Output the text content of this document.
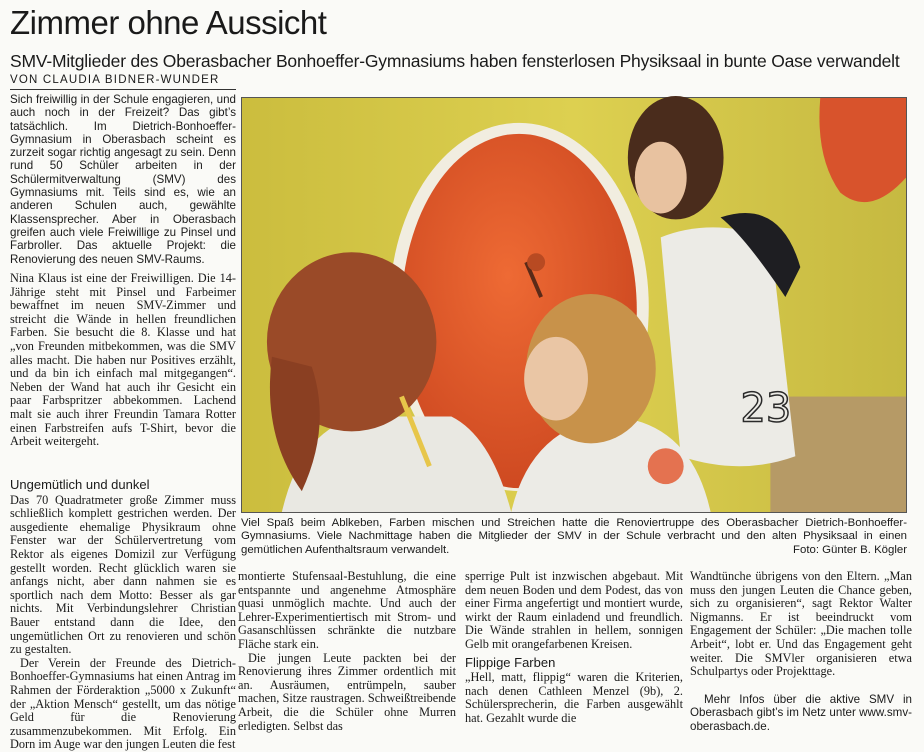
Zimmer ohne Aussicht
SMV-Mitglieder des Oberasbacher Bonhoeffer-Gymnasiums haben fensterlosen Physiksaal in bunte Oase verwandelt
VON CLAUDIA BIDNER-WUNDER
Sich freiwillig in der Schule engagieren, und auch noch in der Freizeit? Das gibt’s tatsächlich. Im Dietrich-Bonhoeffer-Gymnasium in Oberasbach scheint es zurzeit sogar richtig angesagt zu sein. Denn rund 50 Schüler arbeiten in der Schülermitverwaltung (SMV) des Gymnasiums mit. Teils sind es, wie an anderen Schulen auch, gewählte Klassensprecher. Aber in Oberasbach greifen auch viele Freiwillige zu Pinsel und Farbroller. Das aktuelle Projekt: die Renovierung des neuen SMV-Raums.

Nina Klaus ist eine der Freiwilligen. Die 14-Jährige steht mit Pinsel und Farbeimer bewaffnet im neuen SMV-Zimmer und streicht die Wände in hellen freundlichen Farben. Sie besucht die 8. Klasse und hat „von Freunden mitbekommen, was die SMV alles macht. Die haben nur Positives erzählt, und da bin ich einfach mal mitgegangen“. Neben der Wand hat auch ihr Gesicht ein paar Farbspritzer abbekommen. Lachend malt sie auch ihrer Freundin Tamara Rotter einen Farbstreifen aufs T-Shirt, bevor die Arbeit weitergeht.

Ungemütlich und dunkel

Das 70 Quadratmeter große Zimmer muss schließlich komplett gestrichen werden. Der ausgediente ehemalige Physikraum ohne Fenster war der Schülervertretung vom Rektor als eigenes Domizil zur Verfügung gestellt worden. Recht glücklich waren sie anfangs nicht, aber dann nahmen sie es sportlich nach dem Motto: Besser als gar nichts. Mit Verbindungslehrer Christian Bauer entstand dann die Idee, den ungemütlichen Ort zu renovieren und schön zu gestalten.

Der Verein der Freunde des Dietrich-Bonhoeffer-Gymnasiums hat einen Antrag im Rahmen der Förderaktion „5000 x Zukunft“ der „Aktion Mensch“ gestellt, um das nötige Geld für die Renovierung zusammenzubekommen. Mit Erfolg. Ein Dorn im Auge war den jungen Leuten die fest

23
Viel Spaß beim Ablkeben, Farben mischen und Streichen hatte die Renoviertruppe des Oberasbacher Dietrich-Bonhoeffer-Gymnasiums. Viele Nachmittage haben die Mitglieder der SMV in der Schule verbracht und den alten Physiksaal in einen gemütlichen Aufenthaltsraum verwandelt.	Foto: Günter B. Kögler

montierte Stufensaal-Bestuhlung, die eine entspannte und angenehme Atmosphäre quasi unmöglich machte. Und auch der Lehrer-Experimentiertisch mit Strom- und Gasanschlüssen schränkte die nutzbare Fläche stark ein.

Die jungen Leute packten bei der Renovierung ihres Zimmer ordentlich mit an. Ausräumen, entrümpeln, sauber machen, Sitze raustragen. Schweißtreibende Arbeit, die die Schüler ohne Murren erledigten. Selbst das

sperrige Pult ist inzwischen abgebaut. Mit dem neuen Boden und dem Podest, das von einer Firma angefertigt und montiert wurde, wirkt der Raum einladend und freundlich. Die Wände strahlen in hellem, sonnigen Gelb mit orangefarbenen Kreisen.

Flippige Farben

„Hell, matt, flippig“ waren die Kriterien, nach denen Cathleen Menzel (9b), 2. Schülersprecherin, die Farben ausgewählt hat. Gezahlt wurde die

Wandtünche übrigens von den Eltern. „Man muss den jungen Leuten die Chance geben, sich zu organisieren“, sagt Rektor Walter Nigmanns. Er ist beeindruckt vom Engagement der Schüler: „Die machen tolle Arbeit“, lobt er. Und das Engagement geht weiter. Die SMVler organisieren etwa Schulpartys oder Projekttage.

Mehr Infos über die aktive SMV in Oberasbach gibt’s im Netz unter www.smv-oberasbach.de.
